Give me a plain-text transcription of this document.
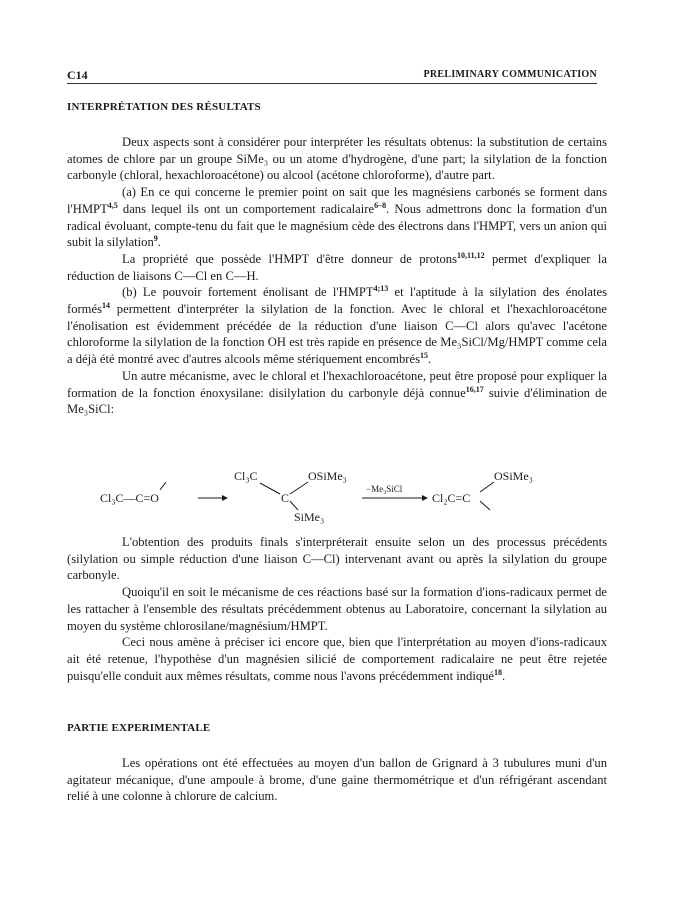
C14	PRELIMINARY COMMUNICATION
INTERPRÉTATION DES RÉSULTATS

Deux aspects sont à considérer pour interpréter les résultats obtenus: la substitution de certains atomes de chlore par un groupe SiMe₃ ou un atome d'hydrogène, d'une part; la silylation de la fonction carbonyle (chloral, hexachloroacétone) ou alcool (acétone chloroforme), d'autre part.

(a) En ce qui concerne le premier point on sait que les magnésiens carbonés se forment dans l'HMPT$^{4,5}$ dans lequel ils ont un comportement radicalaire$^{6-8}$. Nous admettrons donc la formation d'un radical évoluant, compte-tenu du fait que le magnésium cède des électrons dans l'HMPT, vers un anion qui subit la silylation$^9$.

La propriété que possède l'HMPT d'être donneur de protons$^{10,11,12}$ permet d'expliquer la réduction de liaisons C—Cl en C—H.

(b) Le pouvoir fortement énolisant de l'HMPT$^{4;13}$ et l'aptitude à la silylation des énolates formés$^{14}$ permettent d'interpréter la silylation de la fonction. Avec le chloral et l'hexachloroacétone l'énolisation est évidemment précédée de la réduction d'une liaison C—Cl alors qu'avec l'acétone chloroforme la silylation de la fonction OH est très rapide en présence de Me₃SiCl/Mg/HMPT comme cela a déjà été montré avec d'autres alcools même stériquement encombrés$^{15}$.

Un autre mécanisme, avec le chloral et l'hexachloroacétone, peut être proposé pour expliquer la formation de la fonction énoxysilane: disilylation du carbonyle déjà connue$^{16,17}$ suivie d'élimination de Me₃SiCl:

Cl₃C—C=O
Cl₃C	OSiMe₃
C
SiMe₃
−Me₃SiCl
Cl₂C=C
OSiMe₃

L'obtention des produits finals s'interpréterait ensuite selon un des processus précédents (silylation ou simple réduction d'une liaison C—Cl) intervenant avant ou après la silylation du groupe carbonyle.

Quoiqu'il en soit le mécanisme de ces réactions basé sur la formation d'ions-radicaux permet de les rattacher à l'ensemble des résultats précédemment obtenus au Laboratoire, concernant la silylation au moyen du système chlorosilane/magnésium/HMPT.

Ceci nous amène à préciser ici encore que, bien que l'interprétation au moyen d'ions-radicaux ait été retenue, l'hypothèse d'un magnésien silicié de comportement radicalaire ne peut être rejetée puisqu'elle conduit aux mêmes résultats, comme nous l'avons précédemment indiqué$^{18}$.

PARTIE EXPERIMENTALE

Les opérations ont été effectuées au moyen d'un ballon de Grignard à 3 tubulures muni d'un agitateur mécanique, d'une ampoule à brome, d'une gaine thermométrique et d'un réfrigérant ascendant relié à une colonne à chlorure de calcium.
